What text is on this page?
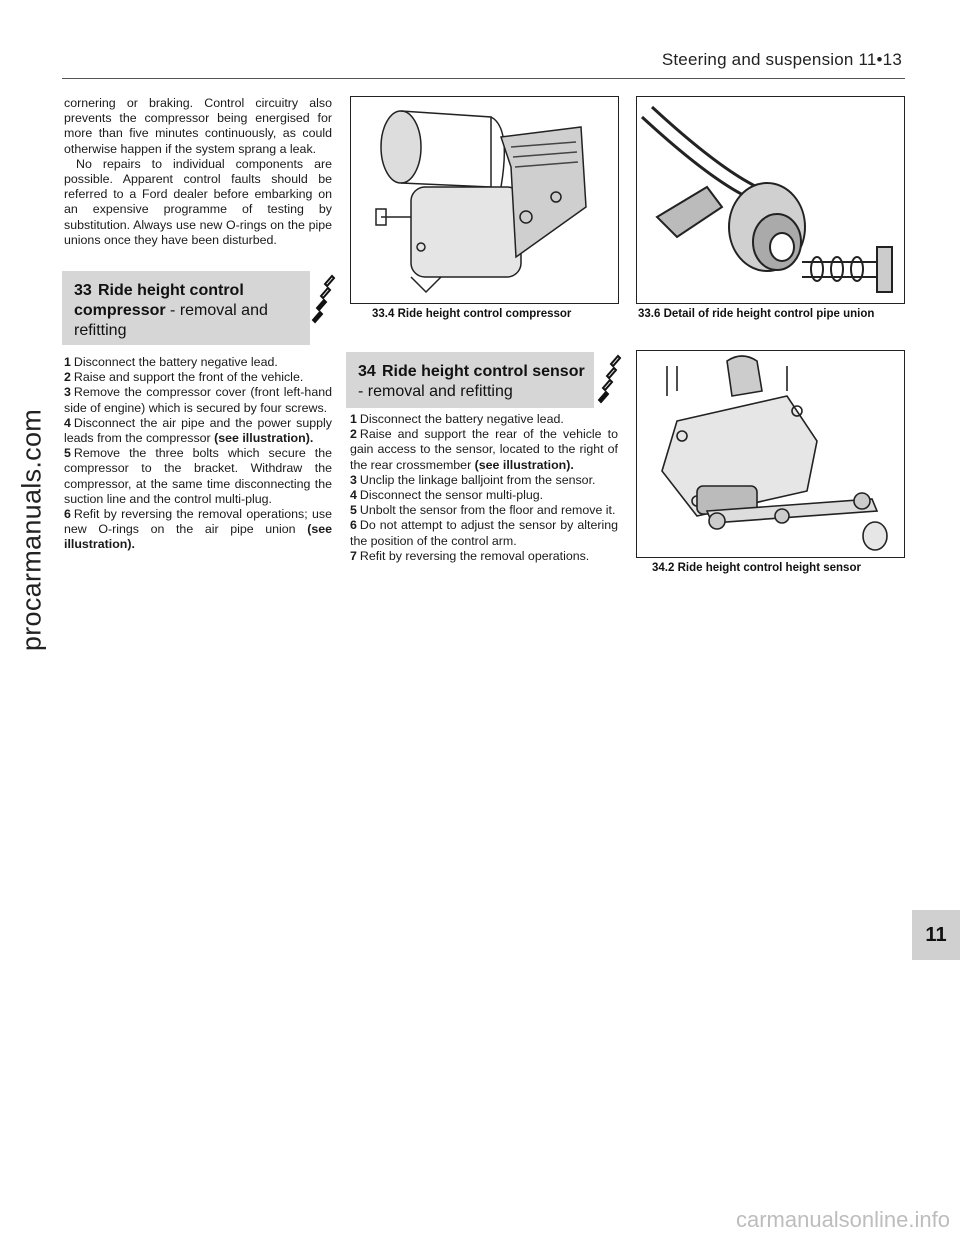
Steering and suspension 11•13

cornering or braking. Control circuitry also prevents the compressor being energised for more than five minutes continuously, as could otherwise happen if the system sprang a leak.

No repairs to individual components are possible. Apparent control faults should be referred to a Ford dealer before embarking on an expensive programme of testing by substitution. Always use new O-rings on the pipe unions once they have been disturbed.

33 Ride height control compressor - removal and refitting

1 Disconnect the battery negative lead.

2 Raise and support the front of the vehicle.

3 Remove the compressor cover (front left-hand side of engine) which is secured by four screws.

4 Disconnect the air pipe and the power supply leads from the compressor (see illustration).

5 Remove the three bolts which secure the compressor to the bracket. Withdraw the compressor, at the same time disconnecting the suction line and the control multi-plug.

6 Refit by reversing the removal operations; use new O-rings on the air pipe union (see illustration).

33.4 Ride height control compressor	33.6 Detail of ride height control pipe union
34 Ride height control sensor - removal and refitting

1 Disconnect the battery negative lead.

2 Raise and support the rear of the vehicle to gain access to the sensor, located to the right of the rear crossmember (see illustration).

3 Unclip the linkage balljoint from the sensor.

4 Disconnect the sensor multi-plug.

5 Unbolt the sensor from the floor and remove it.

6 Do not attempt to adjust the sensor by altering the position of the control arm.

7 Refit by reversing the removal operations.

34.2 Ride height control height sensor
procarmanuals.com
11
carmanualsonline.info
